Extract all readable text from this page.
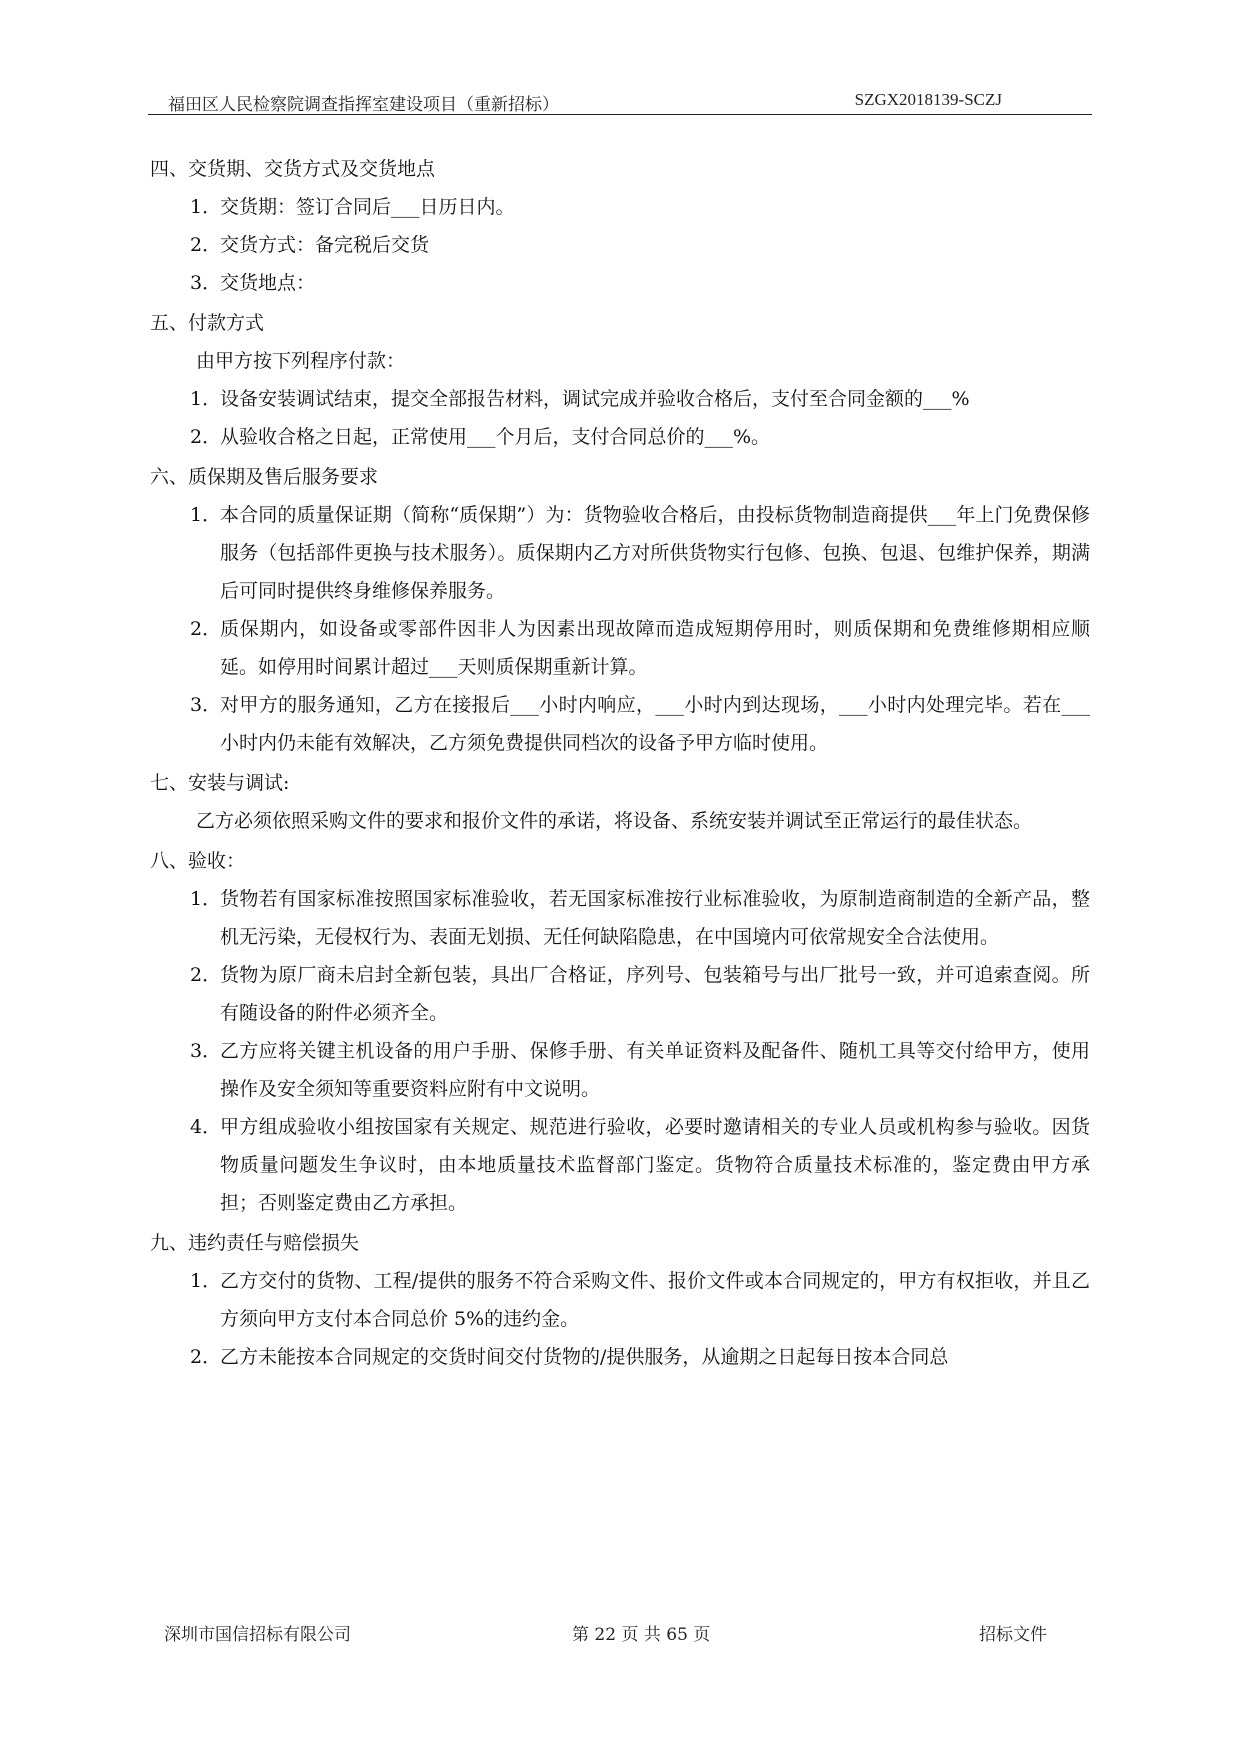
福田区人民检察院调查指挥室建设项目（重新招标）	SZGX2018139-SCZJ
四、交货期、交货方式及交货地点
1．
交货期：签订合同后___日历日内。
2．
交货方式：备完税后交货
3．
交货地点：
五、付款方式
由甲方按下列程序付款：
1．
设备安装调试结束，提交全部报告材料，调试完成并验收合格后，支付至合同金额的___%
2．
从验收合格之日起，正常使用___个月后，支付合同总价的___%。
六、质保期及售后服务要求
1．
本合同的质量保证期（简称“质保期”）为：货物验收合格后，由投标货物制造商提供___年上门免费保修服务（包括部件更换与技术服务）。质保期内乙方对所供货物实行包修、包换、包退、包维护保养，期满后可同时提供终身维修保养服务。
2．
质保期内，如设备或零部件因非人为因素出现故障而造成短期停用时，则质保期和免费维修期相应顺延。如停用时间累计超过___天则质保期重新计算。
3．
对甲方的服务通知，乙方在接报后___小时内响应，___小时内到达现场，___小时内处理完毕。若在___小时内仍未能有效解决，乙方须免费提供同档次的设备予甲方临时使用。
七、安装与调试:
乙方必须依照采购文件的要求和报价文件的承诺，将设备、系统安装并调试至正常运行的最佳状态。
八、验收：
1．
货物若有国家标准按照国家标准验收，若无国家标准按行业标准验收，为原制造商制造的全新产品，整机无污染，无侵权行为、表面无划损、无任何缺陷隐患，在中国境内可依常规安全合法使用。
2．
货物为原厂商未启封全新包装，具出厂合格证，序列号、包装箱号与出厂批号一致，并可追索查阅。所有随设备的附件必须齐全。
3．
乙方应将关键主机设备的用户手册、保修手册、有关单证资料及配备件、随机工具等交付给甲方，使用操作及安全须知等重要资料应附有中文说明。
4．
甲方组成验收小组按国家有关规定、规范进行验收，必要时邀请相关的专业人员或机构参与验收。因货物质量问题发生争议时，由本地质量技术监督部门鉴定。货物符合质量技术标准的，鉴定费由甲方承担；否则鉴定费由乙方承担。
九、违约责任与赔偿损失
1．
乙方交付的货物、工程/提供的服务不符合采购文件、报价文件或本合同规定的，甲方有权拒收，并且乙方须向甲方支付本合同总价 5%的违约金。
2．
乙方未能按本合同规定的交货时间交付货物的/提供服务，从逾期之日起每日按本合同总
深圳市国信招标有限公司	第 22 页 共 65 页	招标文件
